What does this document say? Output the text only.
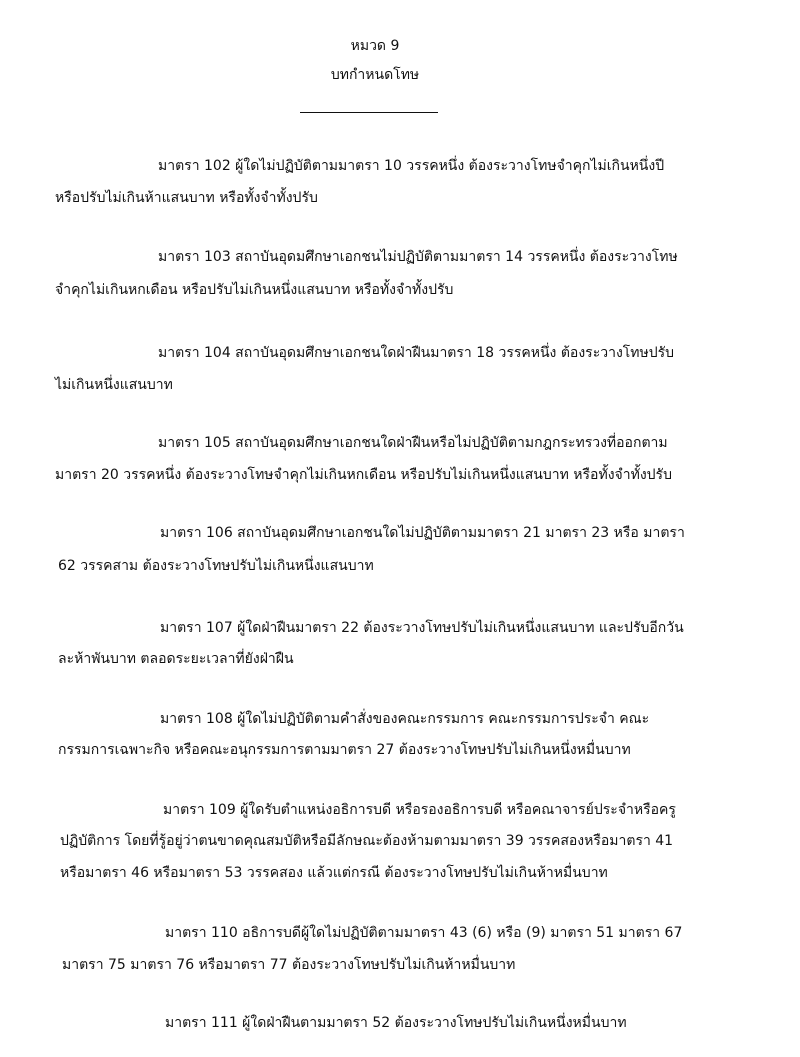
หมวด 9
บทกำหนดโทษ
มาตรา 102 ผู้ใดไม่ปฏิบัติตามมาตรา 10 วรรคหนึ่ง ต้องระวางโทษจำคุกไม่เกินหนึ่งปี
หรือปรับไม่เกินห้าแสนบาท หรือทั้งจำทั้งปรับ
มาตรา 103 สถาบันอุดมศึกษาเอกชนไม่ปฏิบัติตามมาตรา 14 วรรคหนึ่ง ต้องระวางโทษ
จำคุกไม่เกินหกเดือน หรือปรับไม่เกินหนึ่งแสนบาท หรือทั้งจำทั้งปรับ
มาตรา 104 สถาบันอุดมศึกษาเอกชนใดฝ่าฝืนมาตรา 18 วรรคหนึ่ง ต้องระวางโทษปรับ
ไม่เกินหนึ่งแสนบาท
มาตรา 105 สถาบันอุดมศึกษาเอกชนใดฝ่าฝืนหรือไม่ปฏิบัติตามกฎกระทรวงที่ออกตาม
มาตรา 20 วรรคหนึ่ง ต้องระวางโทษจำคุกไม่เกินหกเดือน หรือปรับไม่เกินหนึ่งแสนบาท หรือทั้งจำทั้งปรับ
มาตรา 106 สถาบันอุดมศึกษาเอกชนใดไม่ปฏิบัติตามมาตรา 21 มาตรา 23 หรือ มาตรา
62 วรรคสาม ต้องระวางโทษปรับไม่เกินหนึ่งแสนบาท
มาตรา 107 ผู้ใดฝ่าฝืนมาตรา 22 ต้องระวางโทษปรับไม่เกินหนึ่งแสนบาท และปรับอีกวัน
ละห้าพันบาท ตลอดระยะเวลาที่ยังฝ่าฝืน
มาตรา 108 ผู้ใดไม่ปฏิบัติตามคำสั่งของคณะกรรมการ คณะกรรมการประจำ คณะ
กรรมการเฉพาะกิจ หรือคณะอนุกรรมการตามมาตรา 27 ต้องระวางโทษปรับไม่เกินหนึ่งหมื่นบาท
มาตรา 109 ผู้ใดรับตำแหน่งอธิการบดี หรือรองอธิการบดี หรือคณาจารย์ประจำหรือครู
ปฏิบัติการ โดยที่รู้อยู่ว่าตนขาดคุณสมบัติหรือมีลักษณะต้องห้ามตามมาตรา 39 วรรคสองหรือมาตรา 41
หรือมาตรา 46 หรือมาตรา 53 วรรคสอง แล้วแต่กรณี ต้องระวางโทษปรับไม่เกินห้าหมื่นบาท
มาตรา 110 อธิการบดีผู้ใดไม่ปฏิบัติตามมาตรา 43 (6) หรือ (9) มาตรา 51 มาตรา 67
มาตรา 75 มาตรา 76 หรือมาตรา 77 ต้องระวางโทษปรับไม่เกินห้าหมื่นบาท
มาตรา 111 ผู้ใดฝ่าฝืนตามมาตรา 52 ต้องระวางโทษปรับไม่เกินหนึ่งหมื่นบาท
